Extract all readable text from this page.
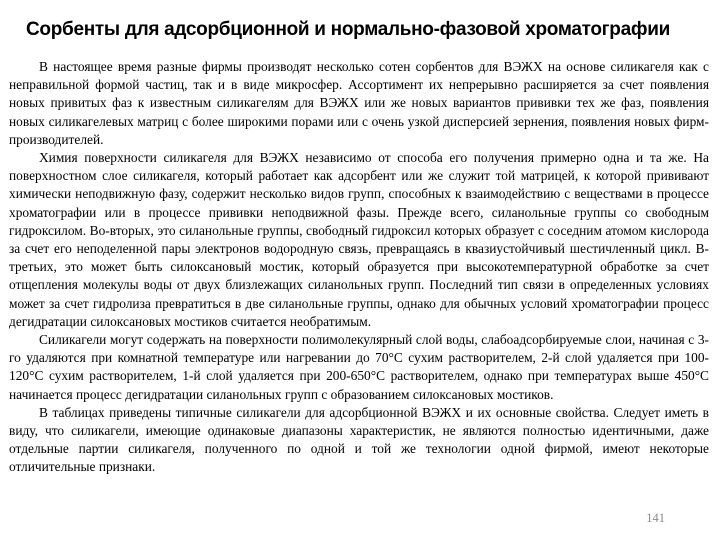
Сорбенты для адсорбционной и нормально-фазовой хроматографии

В настоящее время разные фирмы производят несколько сотен сорбентов для ВЭЖХ на основе силикагеля как с неправильной формой частиц, так и в виде микросфер. Ассортимент их непрерывно расширяется за счет появления новых привитых фаз к известным силикагелям для ВЭЖХ или же новых вариантов прививки тех же фаз, появления новых силикагелевых матриц с более широкими порами или с очень узкой дисперсией зернения, появления новых фирм-производителей.

Химия поверхности силикагеля для ВЭЖХ независимо от способа его получения примерно одна и та же. На поверхностном слое силикагеля, который работает как адсорбент или же служит той матрицей, к которой прививают химически неподвижную фазу, содержит несколько видов групп, способных к взаимодействию с веществами в процессе хроматографии или в процессе прививки неподвижной фазы. Прежде всего, силанольные группы со свободным гидроксилом. Во-вторых, это силанольные группы, свободный гидроксил которых образует с соседним атомом кислорода за счет его неподеленной пары электронов водородную связь, превращаясь в квазиустойчивый шестичленный цикл. В-третьих, это может быть силоксановый мостик, который образуется при высокотемпературной обработке за счет отщепления молекулы воды от двух близлежащих силанольных групп. Последний тип связи в определенных условиях может за счет гидролиза превратиться в две силанольные группы, однако для обычных условий хроматографии процесс дегидратации силоксановых мостиков считается необратимым.

Силикагели могут содержать на поверхности полимолекулярный слой воды, слабоадсорбируемые слои, начиная с 3-го удаляются при комнатной температуре или нагревании до 70°С сухим растворителем, 2-й слой удаляется при 100-120°С сухим растворителем, 1-й слой удаляется при 200-650°С растворителем, однако при температурах выше 450°С начинается процесс дегидратации силанольных групп с образованием силоксановых мостиков.

В таблицах приведены типичные силикагели для адсорбционной ВЭЖХ и их основные свойства. Следует иметь в виду, что силикагели, имеющие одинаковые диапазоны характеристик, не являются полностью идентичными, даже отдельные партии силикагеля, полученного по одной и той же технологии одной фирмой, имеют некоторые отличительные признаки.

141
